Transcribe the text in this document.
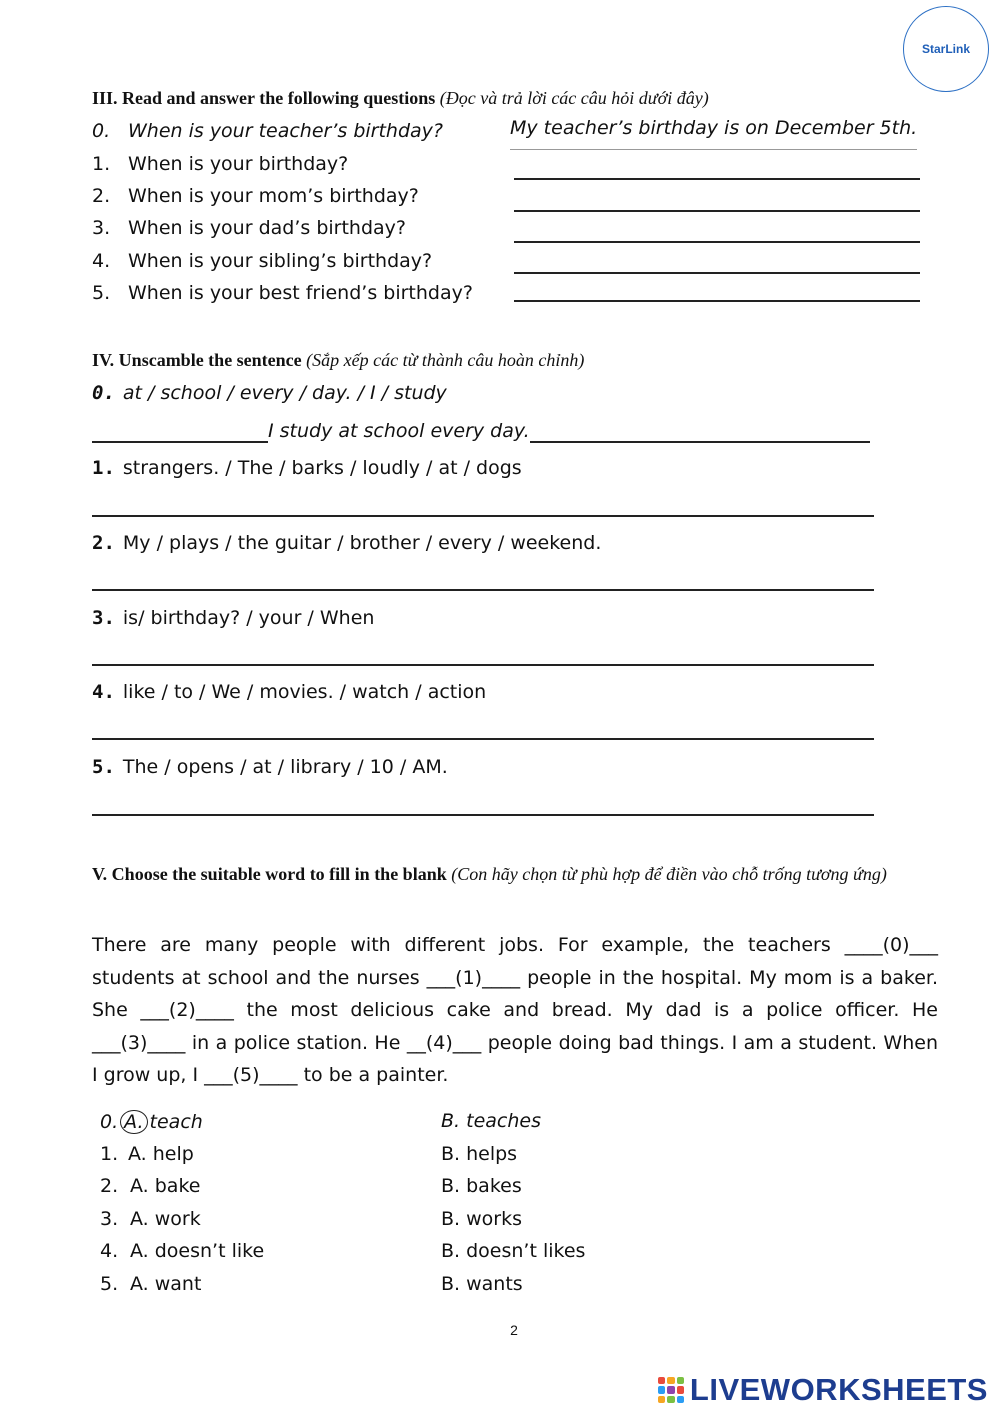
StarLink
III. Read and answer the following questions (Đọc và trả lời các câu hỏi dưới đây)
0. When is your teacher’s birthday?	My teacher’s birthday is on December 5th.
1. When is your birthday?
2. When is your mom’s birthday?
3. When is your dad’s birthday?
4. When is your sibling’s birthday?
5. When is your best friend’s birthday?
IV. Unscamble the sentence (Sắp xếp các từ thành câu hoàn chỉnh)
0. at / school / every / day. / I / study
I study at school every day.
1. strangers. / The / barks / loudly / at / dogs
2. My / plays / the guitar / brother / every / weekend.
3. is/ birthday? / your / When
4. like / to / We / movies. / watch / action
5. The / opens / at / library / 10 / AM.
V. Choose the suitable word to fill in the blank (Con hãy chọn từ phù hợp để điền vào chỗ trống tương ứng)
There are many people with different jobs. For example, the teachers ____(0)___ students at school and the nurses ___(1)____ people in the hospital. My mom is a baker. She ___(2)____ the most delicious cake and bread. My dad is a police officer. He ___(3)____ in a police station. He __(4)___ people doing bad things. I am a student. When I grow up, I ___(5)____ to be a painter.
0. A. teach	B. teaches
1. A. help	B. helps
2. A. bake	B. bakes
3. A. work	B. works
4. A. doesn’t like	B. doesn’t likes
5. A. want	B. wants
2
LIVEWORKSHEETS
